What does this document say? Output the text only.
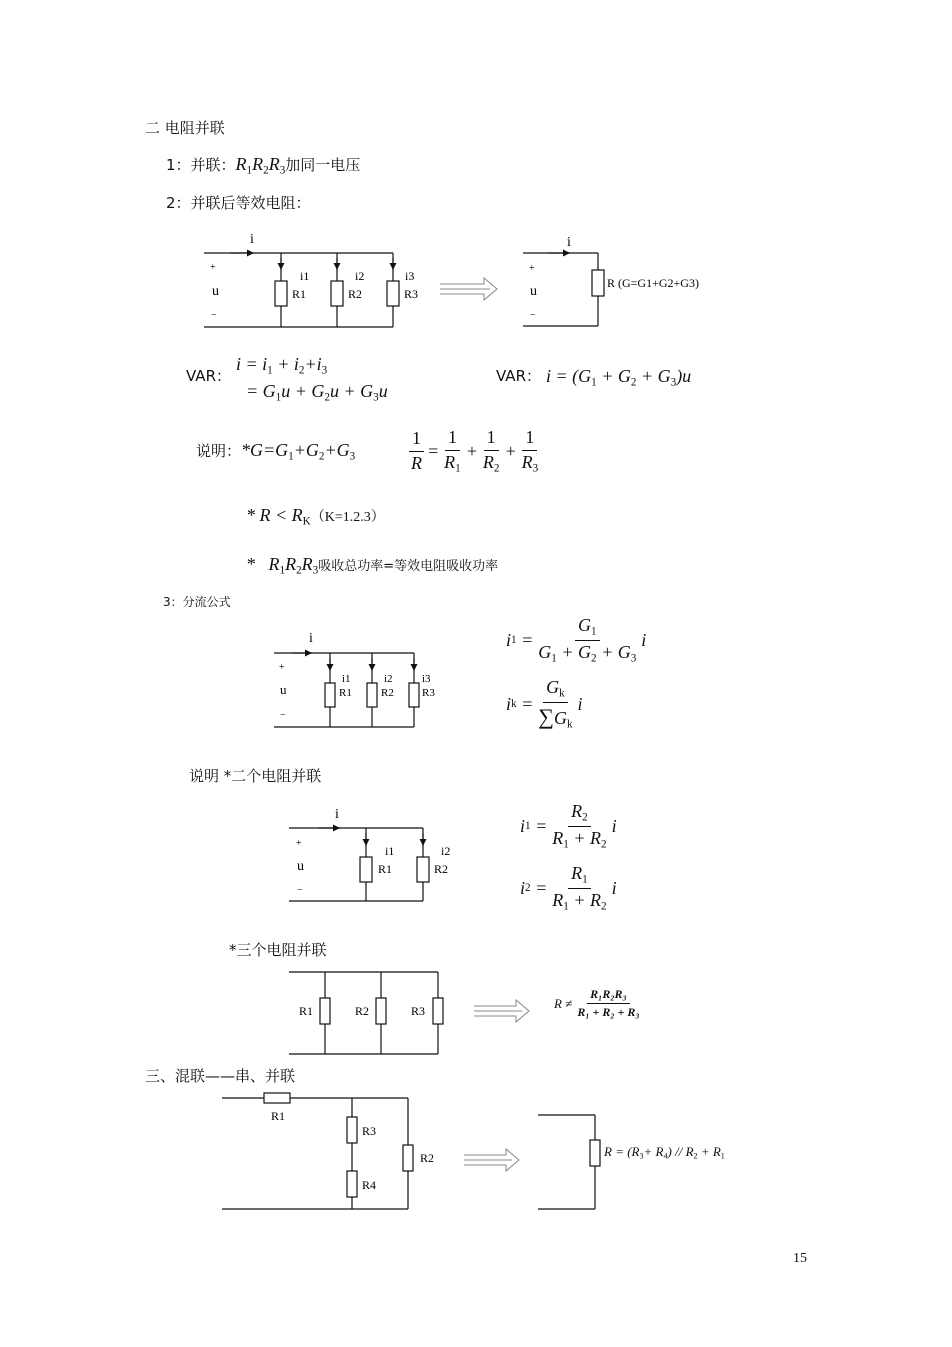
二 电阻并联
1：并联：$R_1R_2R_3$加同一电压
2：并联后等效电阻：
VAR：
$i = i_1 + i_2+i_3$
= $G_1u + G_2u + G_3u$
VAR： $i = (G_1 + G_2 + G_3)u$
说明：$*G=G_1+G_2+G_3$	$\frac{1}{R} = \frac{1}{R_1} + \frac{1}{R_2} + \frac{1}{R_3}$
* $R < R_K(K=1.2.3)$
*   $R_1R_2R_3$吸收总功率=等效电阻吸收功率
3：分流公式
i $1 = \frac{G_1}{G_1 + G_2 + G_3}$ i
i $k = \frac{G_k}{\sum G_k}$ i
说明 *二个电阻并联
i $1 = \frac{R_2}{R_1 + R_2}$ i
i $2 = \frac{R_1}{R_1 + R_2}$ i
*三个电阻并联
$R \ne \frac{\text{R₁R₂R₃}}{\text{R₁ + R₂ + R₃}}$
三、混联——串、并联
$R = (R_3+ R_4) // R_2 + R_1$
15
i
+
u
−
i1	i2	i3
R1	R2	R3
i
+
u
−
R (G=G1+G2+G3)
i
+
u
−
i1	i2	i3
R1	R2	R3
i
+
u
−
i1	i2
R1	R2
R1	R2	R3
R1
R3
R4
R2
